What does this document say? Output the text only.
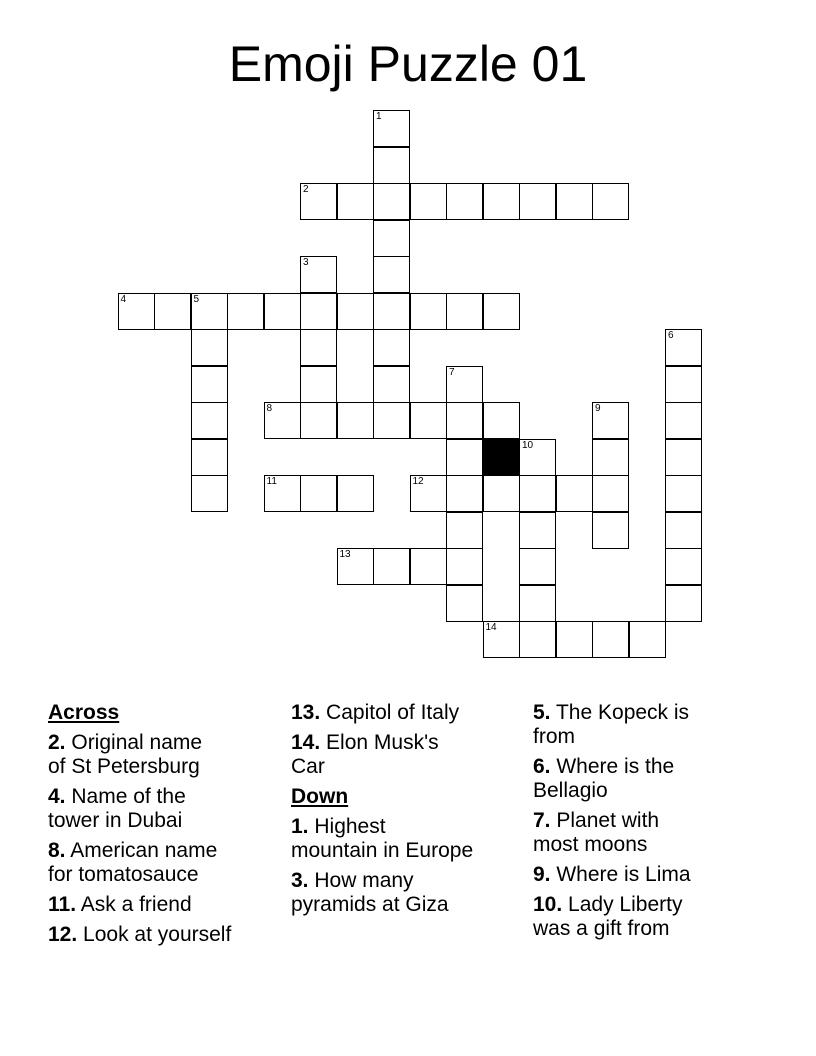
Emoji Puzzle 01
1
2
3
4	5
6
7
8	9
10
11	12
13
14
Across
2. Original name
of St Petersburg
4. Name of the
tower in Dubai
8. American name
for tomatosauce
11. Ask a friend
12. Look at yourself
13. Capitol of Italy
14. Elon Musk's
Car
Down
1. Highest
mountain in Europe
3. How many
pyramids at Giza
5. The Kopeck is
from
6. Where is the
Bellagio
7. Planet with
most moons
9. Where is Lima
10. Lady Liberty
was a gift from
